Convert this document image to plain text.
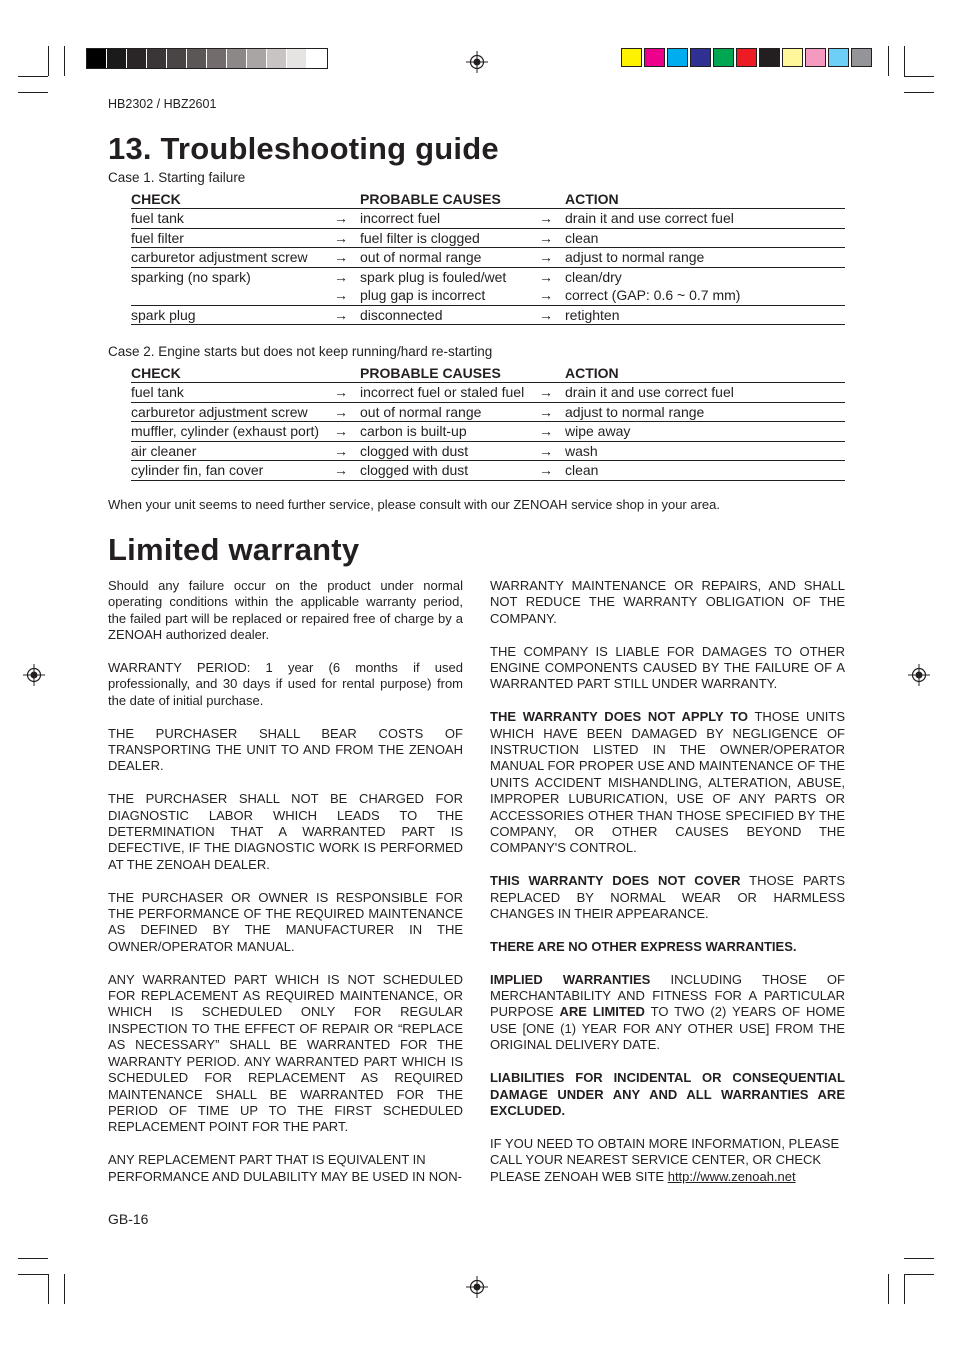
HB2302 / HBZ2601
13. Troubleshooting guide
Case 1. Starting failure
CHECK		PROBABLE CAUSES		ACTION
fuel tank	→	incorrect fuel	→	drain it and use correct fuel
fuel filter	→	fuel filter is clogged	→	clean
carburetor adjustment screw	→	out of normal range	→	adjust to normal range
sparking (no spark)	→	spark plug is fouled/wet	→	clean/dry
	→	plug gap is incorrect	→	correct (GAP: 0.6 ~ 0.7 mm)
spark plug	→	disconnected	→	retighten
Case 2. Engine starts but does not keep running/hard re-starting
CHECK		PROBABLE CAUSES		ACTION
fuel tank	→	incorrect fuel or staled fuel	→	drain it and use correct fuel
carburetor adjustment screw	→	out of normal range	→	adjust to normal range
muffler, cylinder (exhaust port)	→	carbon is built-up	→	wipe away
air cleaner	→	clogged with dust	→	wash
cylinder fin, fan cover	→	clogged with dust	→	clean
When your unit seems to need further service, please consult with our ZENOAH service shop in your area.
Limited warranty

Should any failure occur on the product under normal operating conditions within the applicable warranty period, the failed part will be replaced or repaired free of charge by a ZENOAH authorized dealer.

WARRANTY PERIOD: 1 year (6 months if used professionally, and 30 days if used for rental purpose) from the date of initial purchase.

THE PURCHASER SHALL BEAR COSTS OF TRANSPORTING THE UNIT TO AND FROM THE ZENOAH DEALER.

THE PURCHASER SHALL NOT BE CHARGED FOR DIAGNOSTIC LABOR WHICH LEADS TO THE DETERMINATION THAT A WARRANTED PART IS DEFECTIVE, IF THE DIAGNOSTIC WORK IS PERFORMED AT THE ZENOAH DEALER.

THE PURCHASER OR OWNER IS RESPONSIBLE FOR THE PERFORMANCE OF THE REQUIRED MAINTENANCE AS DEFINED BY THE MANUFACTURER IN THE OWNER/OPERATOR MANUAL.

ANY WARRANTED PART WHICH IS NOT SCHEDULED FOR REPLACEMENT AS REQUIRED MAINTENANCE, OR WHICH IS SCHEDULED ONLY FOR REGULAR INSPECTION TO THE EFFECT OF REPAIR OR “REPLACE AS NECESSARY” SHALL BE WARRANTED FOR THE WARRANTY PERIOD. ANY WARRANTED PART WHICH IS SCHEDULED FOR REPLACEMENT AS REQUIRED MAINTENANCE SHALL BE WARRANTED FOR THE PERIOD OF TIME UP TO THE FIRST SCHEDULED REPLACEMENT POINT FOR THE PART.

ANY REPLACEMENT PART THAT IS EQUIVALENT IN PERFORMANCE AND DULABILITY MAY BE USED IN NON-

WARRANTY MAINTENANCE OR REPAIRS, AND SHALL NOT REDUCE THE WARRANTY OBLIGATION OF THE COMPANY.

THE COMPANY IS LIABLE FOR DAMAGES TO OTHER ENGINE COMPONENTS CAUSED BY THE FAILURE OF A WARRANTED PART STILL UNDER WARRANTY.

THE WARRANTY DOES NOT APPLY TO THOSE UNITS WHICH HAVE BEEN DAMAGED BY NEGLIGENCE OF INSTRUCTION LISTED IN THE OWNER/OPERATOR MANUAL FOR PROPER USE AND MAINTENANCE OF THE UNITS ACCIDENT MISHANDLING, ALTERATION, ABUSE, IMPROPER LUBURICATION, USE OF ANY PARTS OR ACCESSORIES OTHER THAN THOSE SPECIFIED BY THE COMPANY, OR OTHER CAUSES BEYOND THE COMPANY'S CONTROL.

THIS WARRANTY DOES NOT COVER THOSE PARTS REPLACED BY NORMAL WEAR OR HARMLESS CHANGES IN THEIR APPEARANCE.

THERE ARE NO OTHER EXPRESS WARRANTIES.

IMPLIED WARRANTIES INCLUDING THOSE OF MERCHANTABILITY AND FITNESS FOR A PARTICULAR PURPOSE ARE LIMITED TO TWO (2) YEARS OF HOME USE [ONE (1) YEAR FOR ANY OTHER USE] FROM THE ORIGINAL DELIVERY DATE.

LIABILITIES FOR INCIDENTAL OR CONSEQUENTIAL DAMAGE UNDER ANY AND ALL WARRANTIES ARE EXCLUDED.

IF YOU NEED TO OBTAIN MORE INFORMATION, PLEASE CALL YOUR NEAREST SERVICE CENTER, OR CHECK PLEASE ZENOAH WEB SITE http://www.zenoah.net

GB-16
